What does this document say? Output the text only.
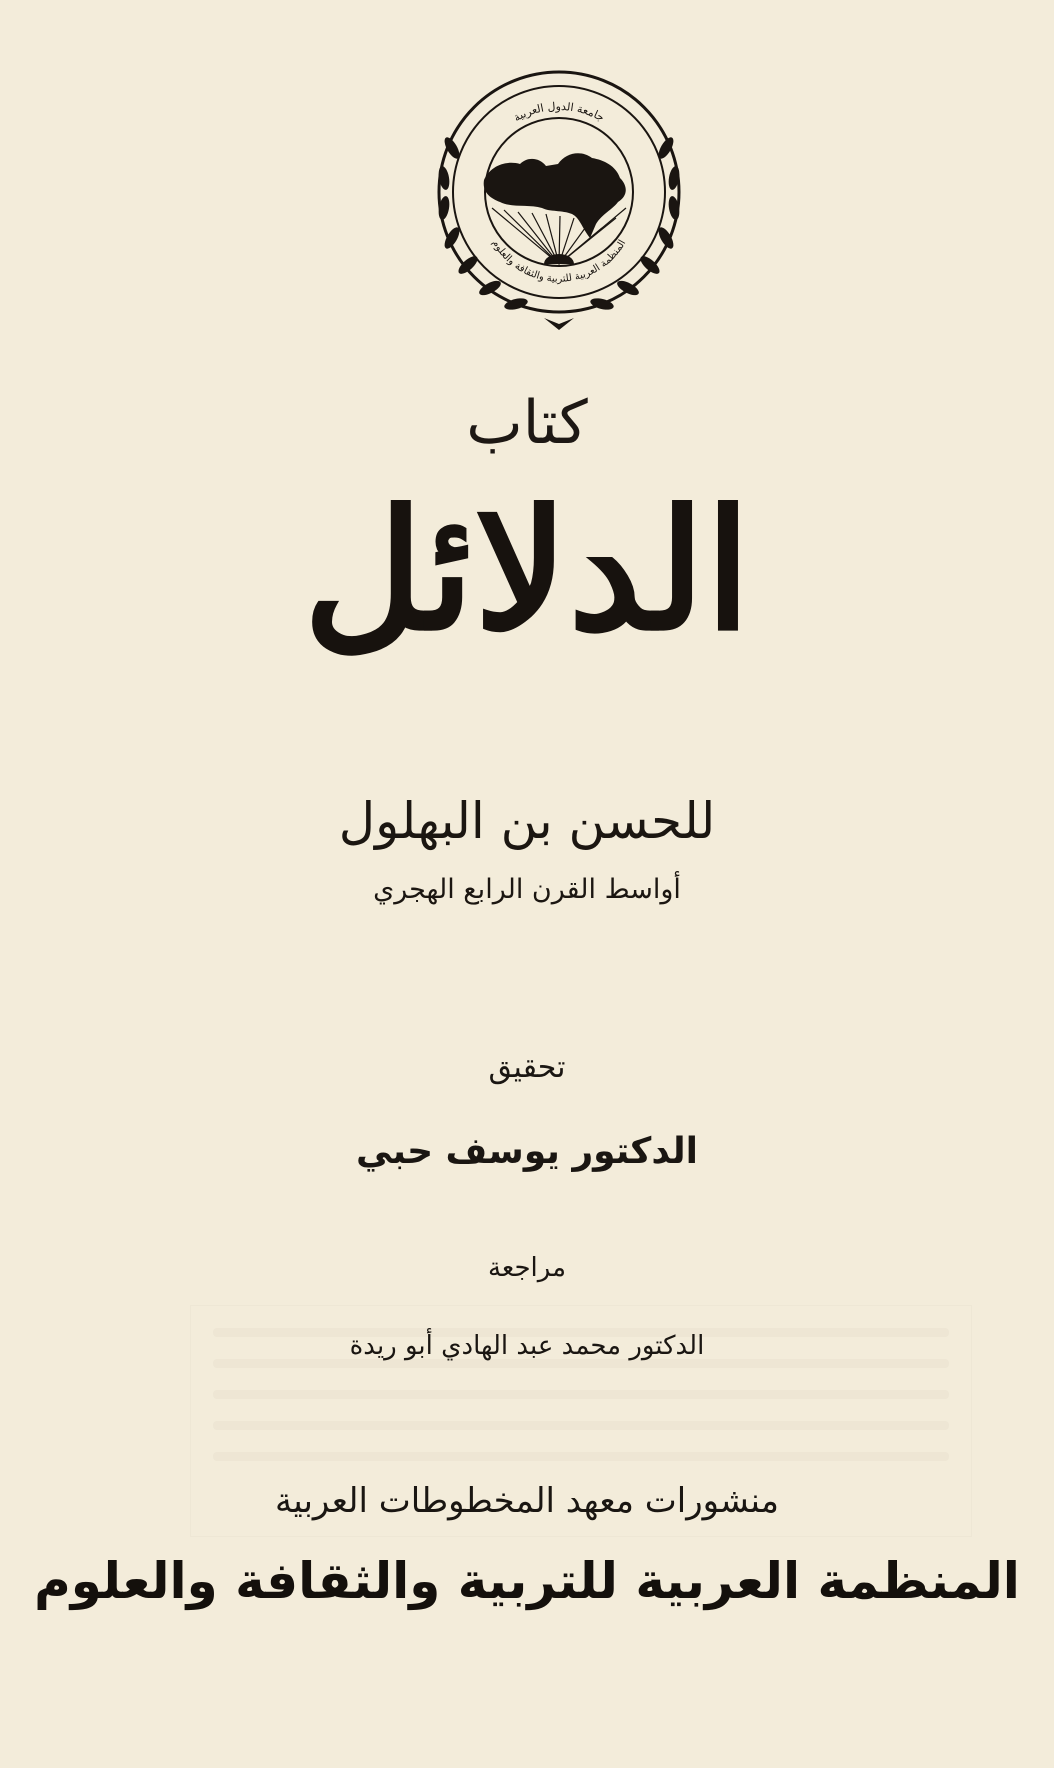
جامعة الدول العربية
المنظمة العربية للتربية والثقافة والعلوم
كتاب
الدلائل
للحسن بن البهلول
أواسط القرن الرابع الهجري
تحقيق
الدكتور يوسف حبي
مراجعة
الدكتور محمد عبد الهادي أبو ريدة
منشورات معهد المخطوطات العربية
المنظمة العربية للتربية والثقافة والعلوم
